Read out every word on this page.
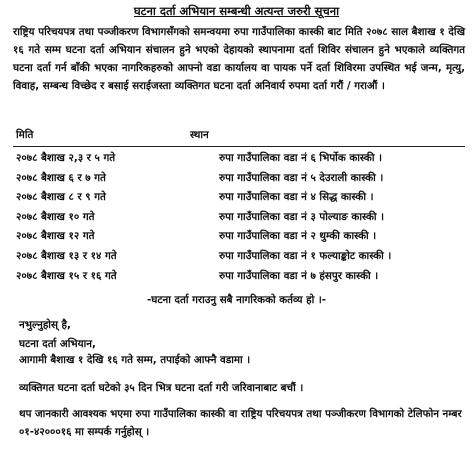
घटना दर्ता अभियान सम्बन्धी अत्यन्त जरुरी सूचना

राष्ट्रिय परिचयपत्र तथा पञ्जीकरण विभागसँगको समन्वयमा रुपा गाउँपालिका कास्की बाट मिति २०७८ साल बैशाख १ देखि १६ गते सम्म घटना दर्ता अभियान संचालन हुने भएको देहायको स्थापनामा दर्ता शिविर संचालन हुने भएकाले व्यक्तिगत घटना दर्ता गर्न बाँकी भएका नागरिकहरुको आफ्नो वडा कार्यालय वा पायक पर्ने दर्ता शिविरमा उपस्थित भई जन्म, मृत्यु, विवाह, सम्बन्ध विच्छेद र बसाई सराईजस्ता व्यक्तिगत घटना दर्ता अनिवार्य रुपमा दर्ता गरौं / गराऔं ।

मिति	स्थान
२०७८ बैशाख २,३ र ५ गते	रुपा गाउँपालिका वडा नं ६ भिर्पोक कास्की ।
२०७८ बैशाख ६ र ७ गते	रुपा गाउँपालिका वडा नं ५ देउराली कास्की ।
२०७८ बैशाख ८ र ९ गते	रुपा गाउँपालिका वडा नं ४ सिद्ध कास्की ।
२०७८ बैशाख १० गते	रुपा गाउँपालिका वडा नं ३ पोल्याङ कास्की ।
२०७८ बैशाख १२ गते	रुपा गाउँपालिका वडा नं २ थुम्की कास्की ।
२०७८ बैशाख १३ र १४ गते	रुपा गाउँपालिका वडा नं १ फल्याङ्कोट कास्की ।
२०७८ बैशाख १५ र १६ गते	रुपा गाउँपालिका वडा नं ७ हंसपुर कास्की ।
-घटना दर्ता गराउनु सबै नागरिकको कर्तव्य हो ।-
नभुल्नुहोस् है,
घटना दर्ता अभियान,
आगामी बैशाख १ देखि १६ गते सम्म, तपाईको आफ्नै वडामा ।
व्यक्तिगत घटना दर्ता घटेको ३५ दिन भित्र घटना दर्ता गरी जरिवानाबाट बचौं ।
थप जानकारी आवश्यक भएमा रुपा गाउँपालिका कास्की वा राष्ट्रिय परिचयपत्र तथा पञ्जीकरण विभागको टेलिफोन नम्बर ०१-४२०००१६ मा सम्पर्क गर्नुहोस् ।
